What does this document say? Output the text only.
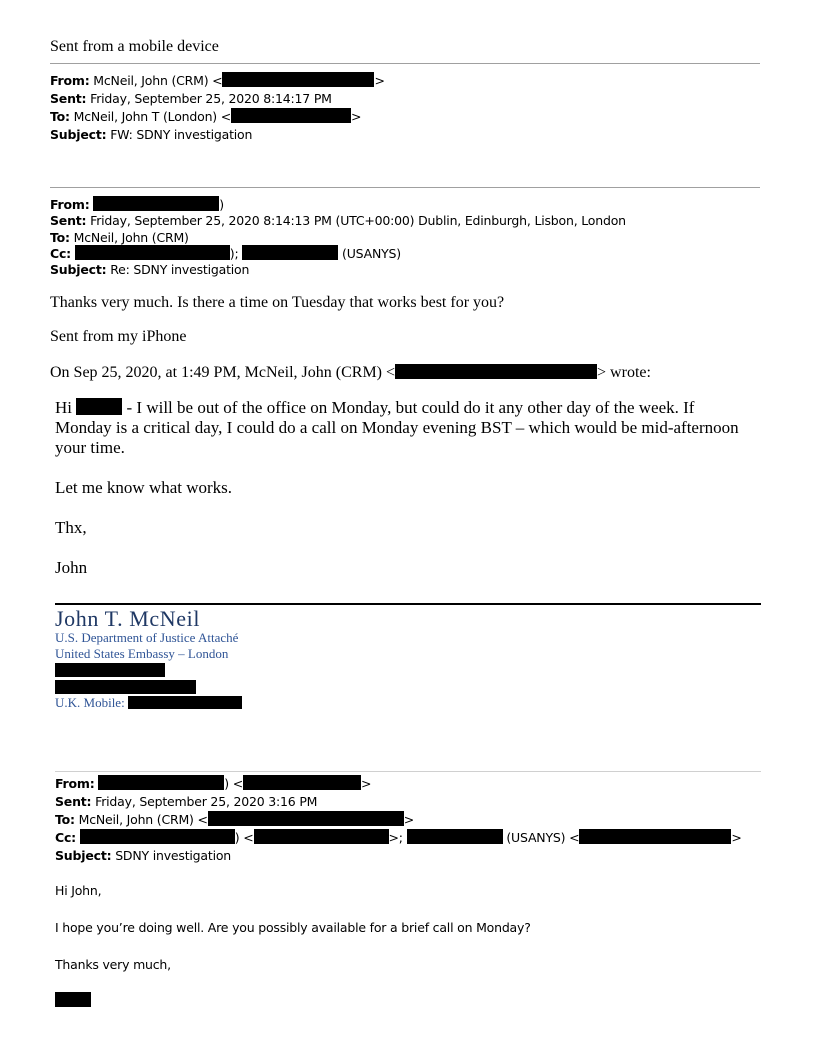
Sent from a mobile device
From: McNeil, John (CRM) <	>
Sent: Friday, September 25, 2020 8:14:17 PM
To: McNeil, John T (London) <	>
Subject: FW: SDNY investigation
From:	)
Sent: Friday, September 25, 2020 8:14:13 PM (UTC+00:00) Dublin, Edinburgh, Lisbon, London
To: McNeil, John (CRM)
Cc:	);	(USANYS)
Subject: Re: SDNY investigation
Thanks very much. Is there a time on Tuesday that works best for you?
Sent from my iPhone
On Sep 25, 2020, at 1:49 PM, McNeil, John (CRM) <	> wrote:
Hi	- I will be out of the office on Monday, but could do it any other day of the week. If
Monday is a critical day, I could do a call on Monday evening BST – which would be mid-afternoon
your time.
Let me know what works.
Thx,
John
John T. McNeil
U.S. Department of Justice Attaché
United States Embassy – London
U.K. Mobile:
From:	) <	>
Sent: Friday, September 25, 2020 3:16 PM
To: McNeil, John (CRM) <	>
Cc:	) <	>;	(USANYS) <	>
Subject: SDNY investigation
Hi John,
I hope you’re doing well. Are you possibly available for a brief call on Monday?
Thanks very much,
